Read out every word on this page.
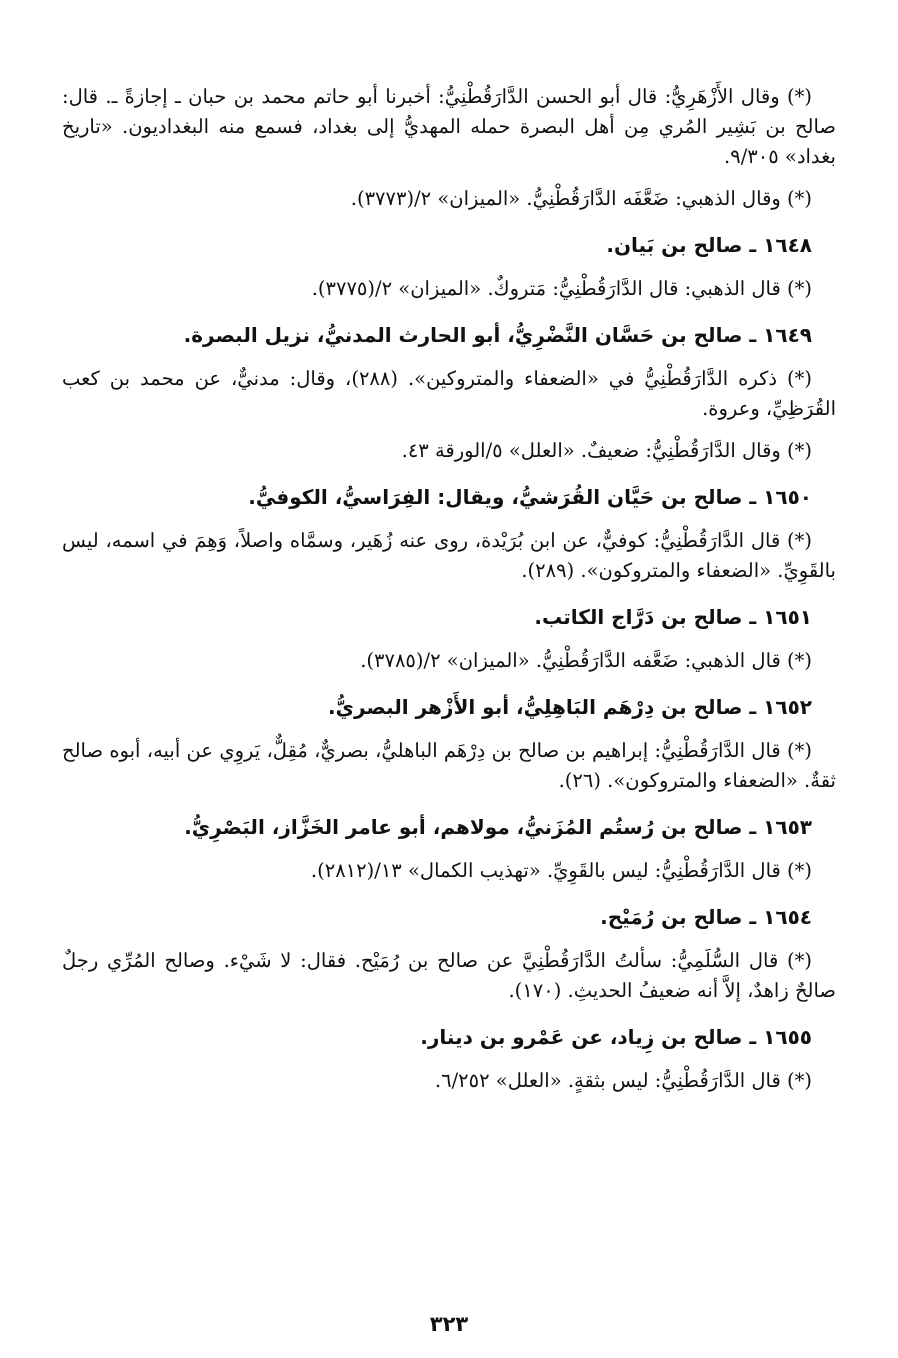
(*) وقال الأَزْهَرِيُّ: قال أبو الحسن الدَّارَقُطْنِيُّ: أخبرنا أبو حاتم محمد بن حبان ـ إجازةً ـ. قال: صالح بن بَشِير المُري مِن أهل البصرة حمله المهديُّ إلى بغداد، فسمع منه البغداديون. «تاريخ بغداد» ٩/٣٠٥.

(*) وقال الذهبي: ضَعَّفَه الدَّارَقُطْنِيُّ. «الميزان» ٢/(٣٧٧٣).

١٦٤٨ ـ صالح بن بَيان.

(*) قال الذهبي: قال الدَّارَقُطْنِيُّ: مَتروكٌ. «الميزان» ٢/(٣٧٧٥).

١٦٤٩ ـ صالح بن حَسَّان النَّضْرِيُّ، أبو الحارث المدنيُّ، نزيل البصرة.

(*) ذكره الدَّارَقُطْنِيُّ في «الضعفاء والمتروكين». (٢٨٨)، وقال: مدنيٌّ، عن محمد بن كعب القُرَظِيِّ، وعروة.

(*) وقال الدَّارَقُطْنِيُّ: ضعيفٌ. «العلل» ٥/الورقة ٤٣.

١٦٥٠ ـ صالح بن حَيَّان القُرَشيُّ، ويقال: الفِرَاسيُّ، الكوفيُّ.

(*) قال الدَّارَقُطْنِيُّ: كوفيٌّ، عن ابن بُرَيْدة، روى عنه زُهَير، وسمَّاه واصلاً، وَهِمَ في اسمه، ليس بالقَوِيِّ. «الضعفاء والمتروكون». (٢٨٩).

١٦٥١ ـ صالح بن دَرَّاج الكاتب.

(*) قال الذهبي: ضَعَّفه الدَّارَقُطْنِيُّ. «الميزان» ٢/(٣٧٨٥).

١٦٥٢ ـ صالح بن دِرْهَم البَاهِلِيُّ، أبو الأَزْهر البصريُّ.

(*) قال الدَّارَقُطْنِيُّ: إبراهيم بن صالح بن دِرْهَم الباهليُّ، بصريٌّ، مُقِلٌّ، يَروِي عن أبيه، أبوه صالح ثقةٌ. «الضعفاء والمتروكون». (٢٦).

١٦٥٣ ـ صالح بن رُستُم المُزَنيُّ، مولاهم، أبو عامر الخَزَّاز، البَصْرِيُّ.

(*) قال الدَّارَقُطْنِيُّ: ليس بالقَوِيِّ. «تهذيب الكمال» ١٣/(٢٨١٢).

١٦٥٤ ـ صالح بن رُمَيْح.

(*) قال السُّلَمِيُّ: سألتُ الدَّارَقُطْنِيَّ عن صالح بن رُمَيْح. فقال: لا شَيْء. وصالح المُرِّي رجلٌ صالحٌ زاهدٌ، إلاَّ أنه ضعيفُ الحديثِ. (١٧٠).

١٦٥٥ ـ صالح بن زِياد، عن عَمْرو بن دينار.

(*) قال الدَّارَقُطْنِيُّ: ليس بثقةٍ. «العلل» ٦/٢٥٢.

٣٢٣
